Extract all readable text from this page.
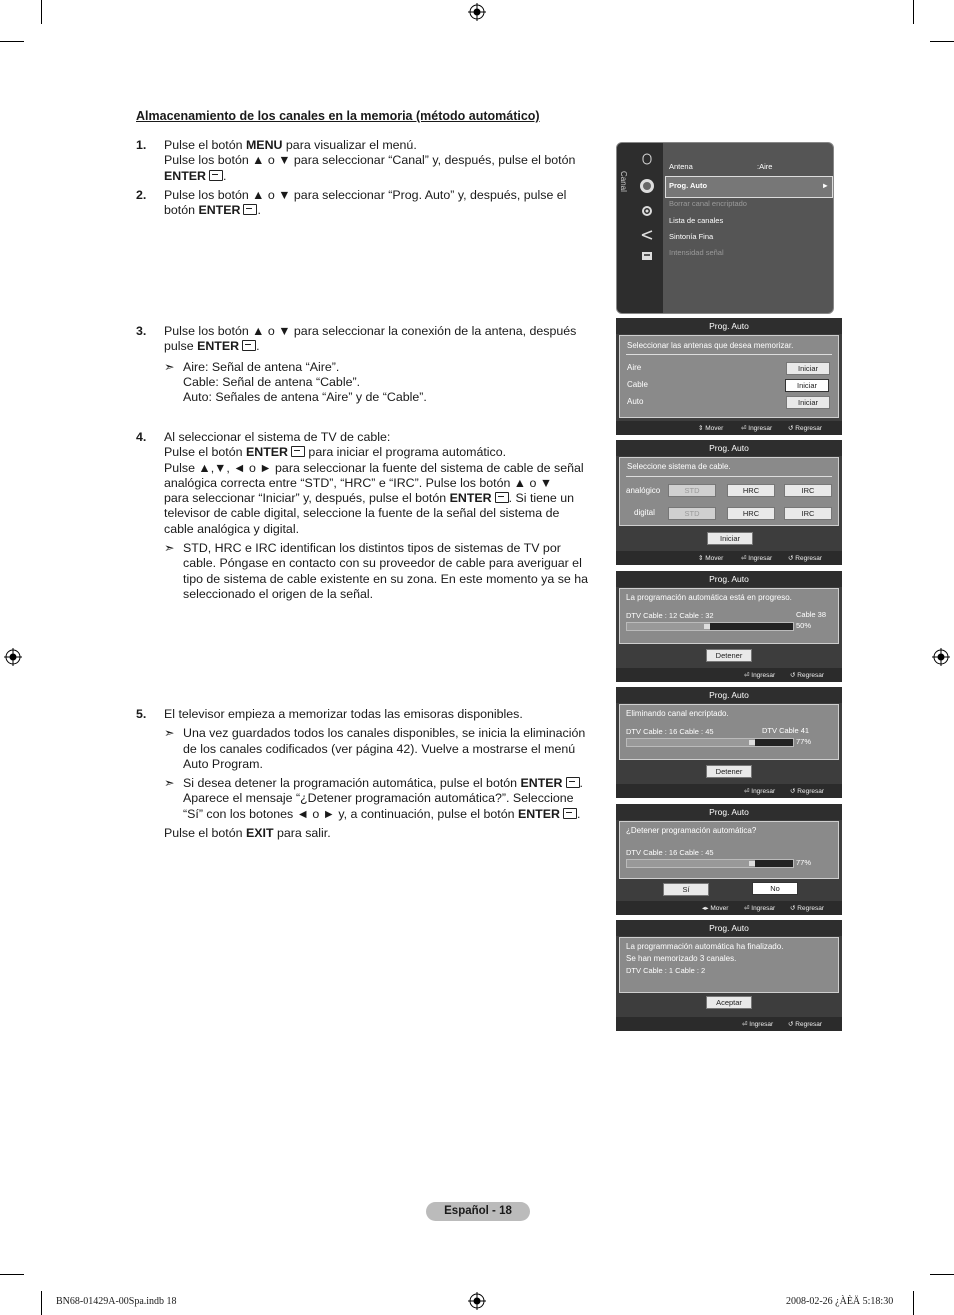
Almacenamiento de los canales en la memoria (método automático)
1. Pulse el botón MENU para visualizar el menú.
Pulse los botón ▲ o ▼ para seleccionar “Canal” y, después, pulse el botón
ENTER .
2. Pulse los botón ▲ o ▼ para seleccionar “Prog. Auto” y, después, pulse el
botón ENTER .
3. Pulse los botón ▲ o ▼ para seleccionar la conexión de la antena, después
pulse ENTER .
➣ Aire: Señal de antena “Aire”.
Cable: Señal de antena “Cable”.
Auto: Señales de antena “Aire” y de “Cable”.
4. Al seleccionar el sistema de TV de cable:
Pulse el botón ENTER para iniciar el programa automático.
Pulse ▲,▼, ◄ o ► para seleccionar la fuente del sistema de cable de señal
analógica correcta entre “STD”, “HRC” e “IRC”. Pulse los botón ▲ o ▼
para seleccionar “Iniciar” y, después, pulse el botón ENTER . Si tiene un
televisor de cable digital, seleccione la fuente de la señal del sistema de
cable analógica y digital.
➣ STD, HRC e IRC identifican los distintos tipos de sistemas de TV por
cable. Póngase en contacto con su proveedor de cable para averiguar el
tipo de sistema de cable existente en su zona. En este momento ya se ha
seleccionado el origen de la señal.
5. El televisor empieza a memorizar todas las emisoras disponibles.
➣ Una vez guardados todos los canales disponibles, se inicia la eliminación
de los canales codificados (ver página 42). Vuelve a mostrarse el menú
Auto Program.
➣ Si desea detener la programación automática, pulse el botón ENTER .
Aparece el mensaje “¿Detener programación automática?”. Seleccione
“Sí” con los botones ◄ o ► y, a continuación, pulse el botón ENTER .
Pulse el botón EXIT para salir.
Canal
Antena	:Aire
Prog. Auto	►
Borrar canal encriptado
Lista de canales
Sintonía Fina
Intensidad señal
Prog. Auto
Seleccionar las antenas que desea memorizar.
Aire	Iniciar
Cable	Iniciar
Auto	Iniciar
⇕ Mover	⏎ Ingresar ↺ Regresar
Prog. Auto
Seleccione sistema de cable.
analógico	STD	HRC	IRC
digital	STD	HRC	IRC
Iniciar
⇕ Mover	⏎ Ingresar ↺ Regresar
Prog. Auto
La programación automática está en progreso.
DTV Cable : 12 Cable : 32	Cable 38
50%
Detener
⏎ Ingresar ↺ Regresar
Prog. Auto
Eliminando canal encriptado.
DTV Cable : 16 Cable : 45	DTV Cable 41
77%
Detener
⏎ Ingresar ↺ Regresar
Prog. Auto
¿Detener programación automática?
DTV Cable : 16 Cable : 45
77%
Sí	No
◂▸ Mover ⏎ Ingresar ↺ Regresar
Prog. Auto
La programmación automática ha finalizado.
Se han memorizado 3 canales.
DTV Cable : 1 Cable : 2
Aceptar
⏎ Ingresar ↺ Regresar
Español - 18
BN68-01429A-00Spa.indb 18	2008-02-26 ¿ÀÈÄ 5:18:30
